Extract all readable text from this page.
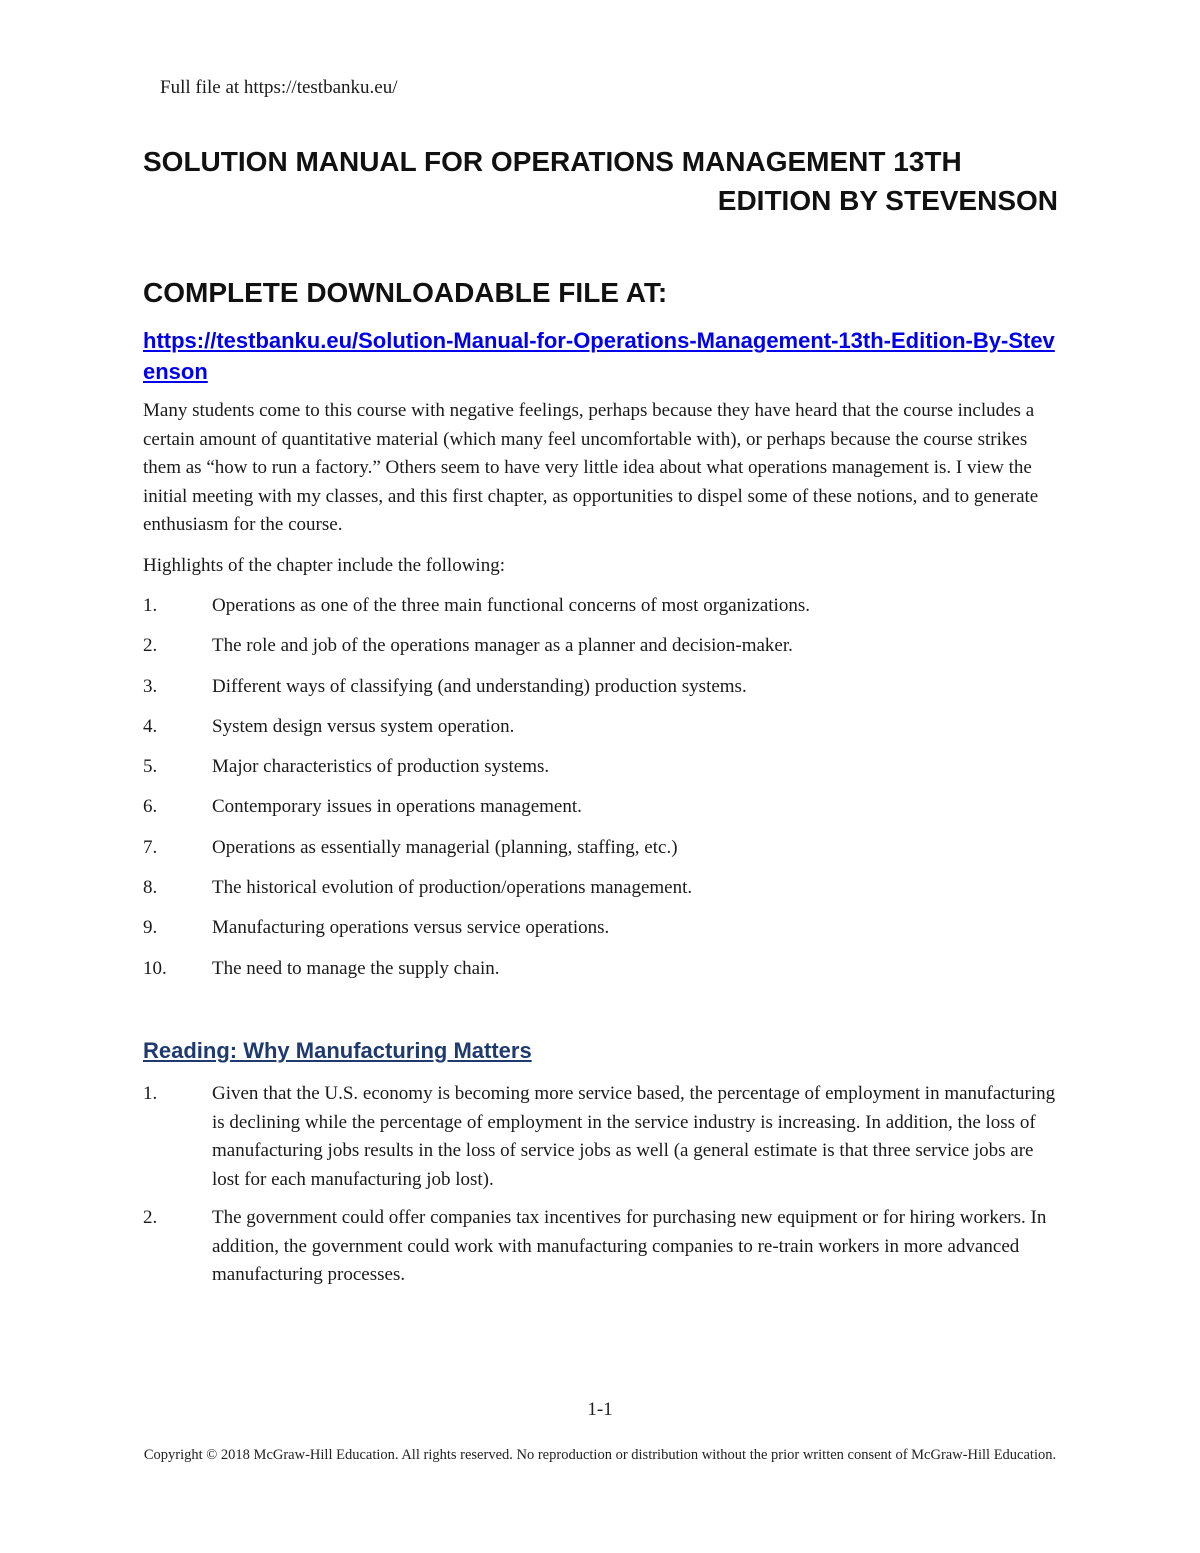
Full file at https://testbanku.eu/
SOLUTION MANUAL FOR OPERATIONS MANAGEMENT 13TH
EDITION BY STEVENSON
COMPLETE DOWNLOADABLE FILE AT:
https://testbanku.eu/Solution-Manual-for-Operations-Management-13th-Edition-By-Stevenson

Many students come to this course with negative feelings, perhaps because they have heard that the course includes a certain amount of quantitative material (which many feel uncomfortable with), or perhaps because the course strikes them as “how to run a factory.” Others seem to have very little idea about what operations management is. I view the initial meeting with my classes, and this first chapter, as opportunities to dispel some of these notions, and to generate enthusiasm for the course.

Highlights of the chapter include the following:

1.	Operations as one of the three main functional concerns of most organizations.
2.	The role and job of the operations manager as a planner and decision-maker.
3.	Different ways of classifying (and understanding) production systems.
4.	System design versus system operation.
5.	Major characteristics of production systems.
6.	Contemporary issues in operations management.
7.	Operations as essentially managerial (planning, staffing, etc.)
8.	The historical evolution of production/operations management.
9.	Manufacturing operations versus service operations.
10. The need to manage the supply chain.
Reading: Why Manufacturing Matters
1.	Given that the U.S. economy is becoming more service based, the percentage of employment in manufacturing is declining while the percentage of employment in the service industry is increasing. In addition, the loss of manufacturing jobs results in the loss of service jobs as well (a general estimate is that three service jobs are lost for each manufacturing job lost).
2.	The government could offer companies tax incentives for purchasing new equipment or for hiring workers. In addition, the government could work with manufacturing companies to re-train workers in more advanced manufacturing processes.
1-1
Copyright © 2018 McGraw-Hill Education. All rights reserved. No reproduction or distribution without the prior written consent of McGraw-Hill Education.
